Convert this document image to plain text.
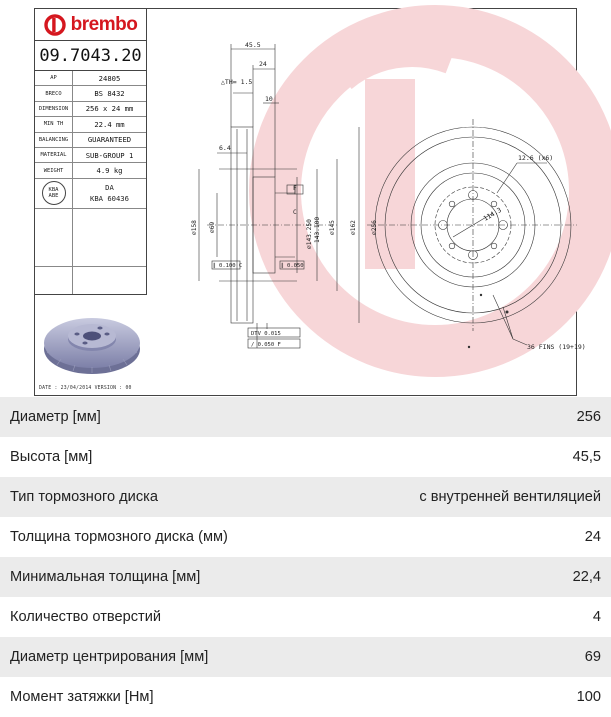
brembo
09.7043.20
AP	24805
BRECO	BS 8432
DIMENSION	256 x 24 mm
MIN TH	22.4 mm
BALANCING	GUARANTEED
MATERIAL	SUB-GROUP 1
WEIGHT	4.9 kg
KBA
ABE
DA
KBA 60436
DATE : 23/04/2014 VERSION : 00
45.5
24
△TH= 1.5
10
6.4
F
C
∥ 0.100 C	∥ 0.050
DTV 0.015
∕ 0.050 F
12.6 (x6)
114.3
36 FINS (19+19)
∅158 ∅69	∅143.250 143.100 ∅145 ∅162 ∅256
Диаметр [мм]	256
Высота [мм]	45,5
Тип тормозного диска	с внутренней вентиляцией
Толщина тормозного диска (мм)	24
Минимальная толщина [мм]	22,4
Количество отверстий	4
Диаметр центрирования [мм]	69
Момент затяжки [Нм]	100
